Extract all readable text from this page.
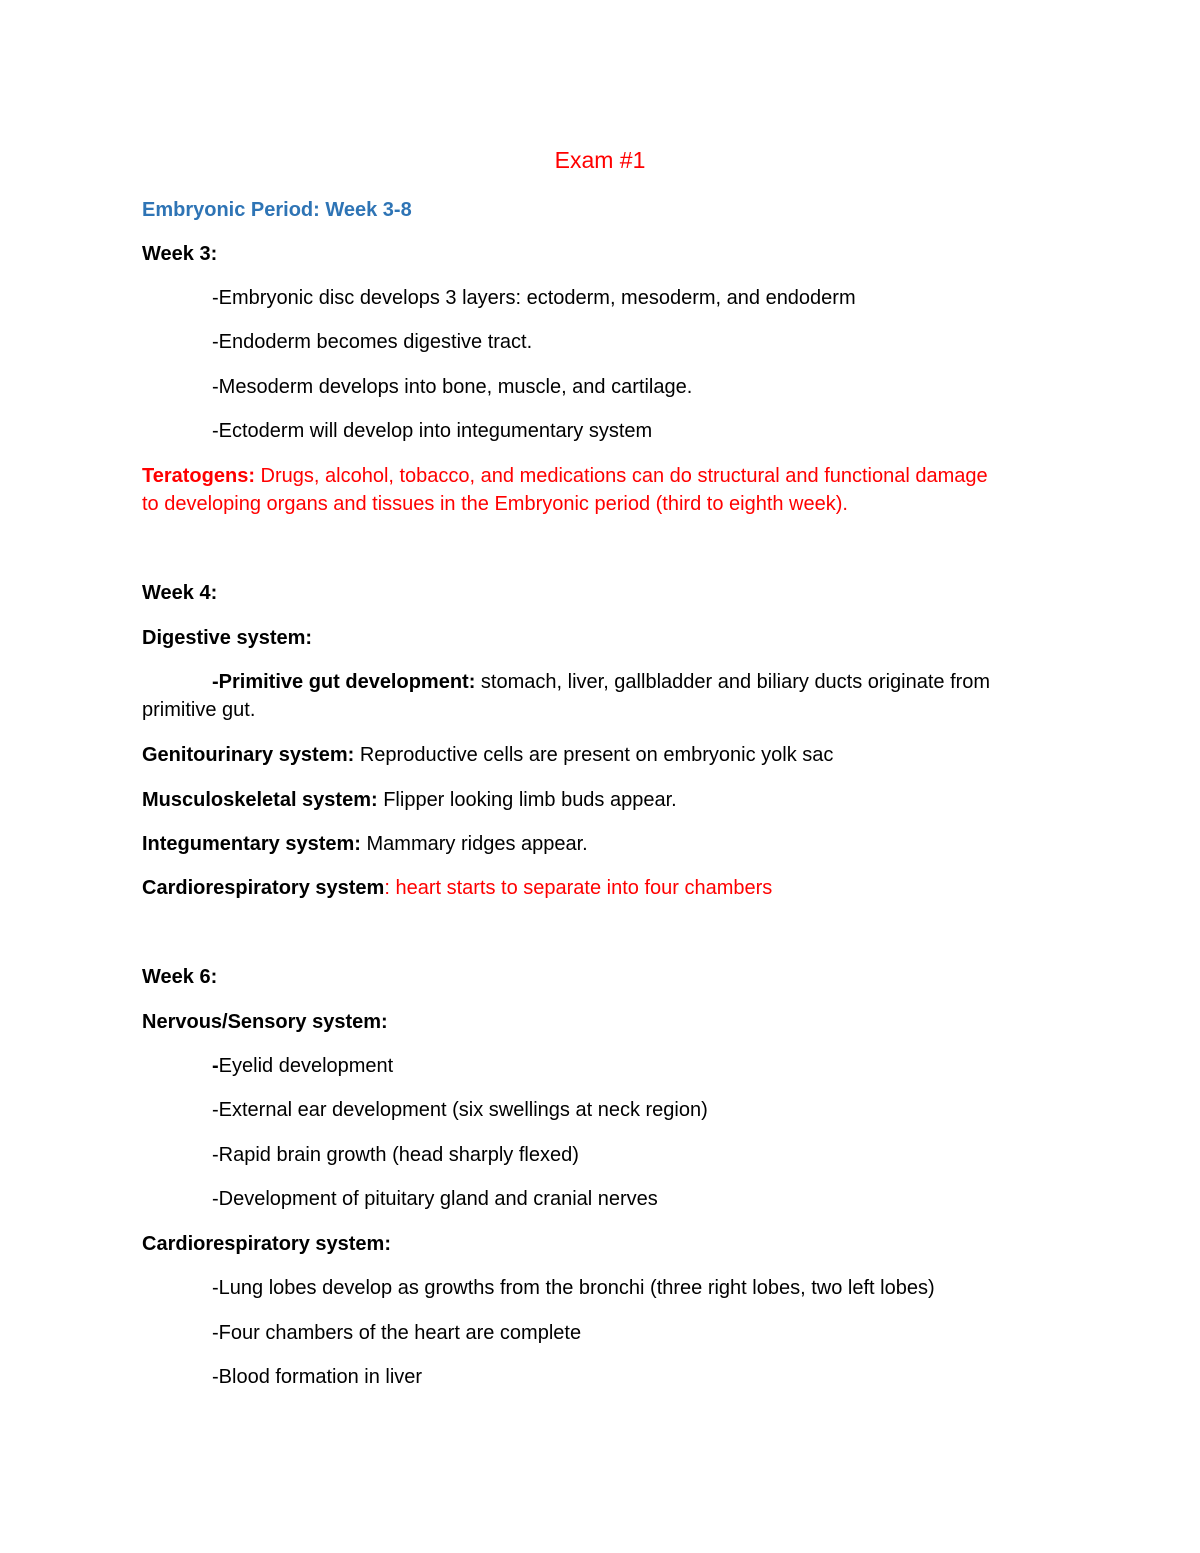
Exam #1
Embryonic Period: Week 3-8
Week 3:
-Embryonic disc develops 3 layers: ectoderm, mesoderm, and endoderm
-Endoderm becomes digestive tract.
-Mesoderm develops into bone, muscle, and cartilage.
-Ectoderm will develop into integumentary system
Teratogens: Drugs, alcohol, tobacco, and medications can do structural and functional damage
to developing organs and tissues in the Embryonic period (third to eighth week).
Week 4:
Digestive system:
-Primitive gut development: stomach, liver, gallbladder and biliary ducts originate from
primitive gut.
Genitourinary system: Reproductive cells are present on embryonic yolk sac
Musculoskeletal system: Flipper looking limb buds appear.
Integumentary system: Mammary ridges appear.
Cardiorespiratory system: heart starts to separate into four chambers
Week 6:
Nervous/Sensory system:
-Eyelid development
-External ear development (six swellings at neck region)
-Rapid brain growth (head sharply flexed)
-Development of pituitary gland and cranial nerves
Cardiorespiratory system:
-Lung lobes develop as growths from the bronchi (three right lobes, two left lobes)
-Four chambers of the heart are complete
-Blood formation in liver
